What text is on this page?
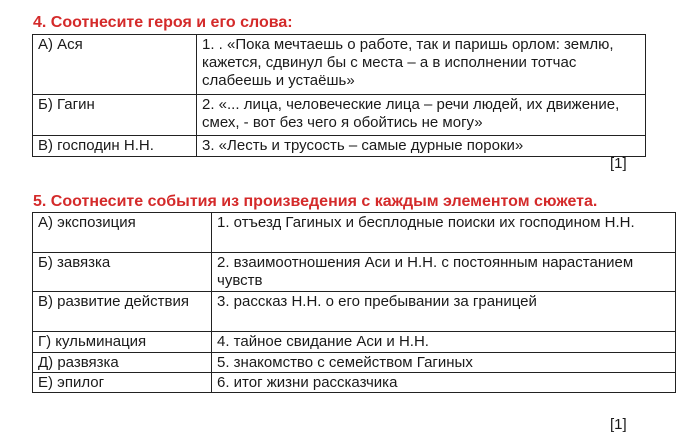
4. Соотнесите героя и его слова:
А) Ася	1. . «Пока мечтаешь о работе, так и паришь орлом: землю, кажется, сдвинул бы с места – а в исполнении тотчас слабеешь и устаёшь»
Б) Гагин	2. «... лица, человеческие лица – речи людей, их движение, смех, - вот без чего я обойтись не могу»
В) господин Н.Н.	3. «Лесть и трусость – самые дурные пороки»
[1]
5. Соотнесите события из произведения с каждым элементом сюжета.
А) экспозиция	1. отъезд Гагиных и бесплодные поиски их господином Н.Н.
Б) завязка	2. взаимоотношения Аси и Н.Н. с постоянным нарастанием чувств
В) развитие действия	3. рассказ Н.Н. о его пребывании за границей
Г) кульминация	4. тайное свидание Аси и Н.Н.
Д) развязка	5. знакомство с семейством Гагиных
Е) эпилог	6. итог жизни рассказчика
[1]
